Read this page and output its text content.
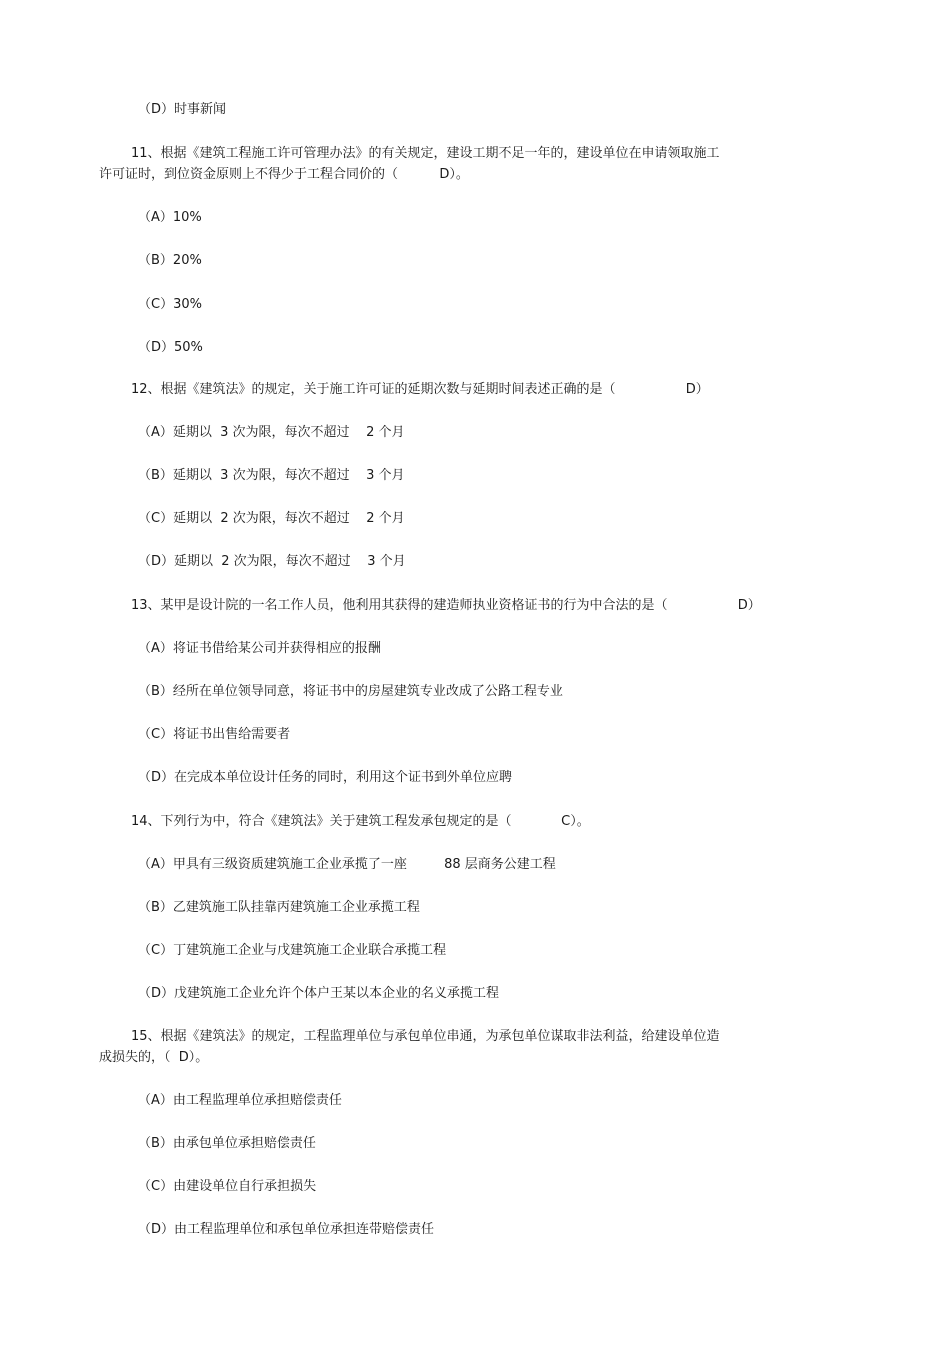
（D）时事新闻
11、根据《建筑工程施工许可管理办法》的有关规定，建设工期不足一年的，建设单位在申请领取施工
许可证时，到位资金原则上不得少于工程合同价的（          D）。
（A）10%
（B）20%
（C）30%
（D）50%
12、根据《建筑法》的规定，关于施工许可证的延期次数与延期时间表述正确的是（                 D）
（A）延期以  3 次为限，每次不超过    2 个月
（B）延期以  3 次为限，每次不超过    3 个月
（C）延期以  2 次为限，每次不超过    2 个月
（D）延期以  2 次为限，每次不超过    3 个月
13、某甲是设计院的一名工作人员，他利用其获得的建造师执业资格证书的行为中合法的是（                 D）
（A）将证书借给某公司并获得相应的报酬
（B）经所在单位领导同意，将证书中的房屋建筑专业改成了公路工程专业
（C）将证书出售给需要者
（D）在完成本单位设计任务的同时，利用这个证书到外单位应聘
14、下列行为中，符合《建筑法》关于建筑工程发承包规定的是（            C）。
（A）甲具有三级资质建筑施工企业承揽了一座         88 层商务公建工程
（B）乙建筑施工队挂靠丙建筑施工企业承揽工程
（C）丁建筑施工企业与戊建筑施工企业联合承揽工程
（D）戊建筑施工企业允许个体户王某以本企业的名义承揽工程
15、根据《建筑法》的规定，工程监理单位与承包单位串通，为承包单位谋取非法利益，给建设单位造
成损失的，（  D）。
（A）由工程监理单位承担赔偿责任
（B）由承包单位承担赔偿责任
（C）由建设单位自行承担损失
（D）由工程监理单位和承包单位承担连带赔偿责任
